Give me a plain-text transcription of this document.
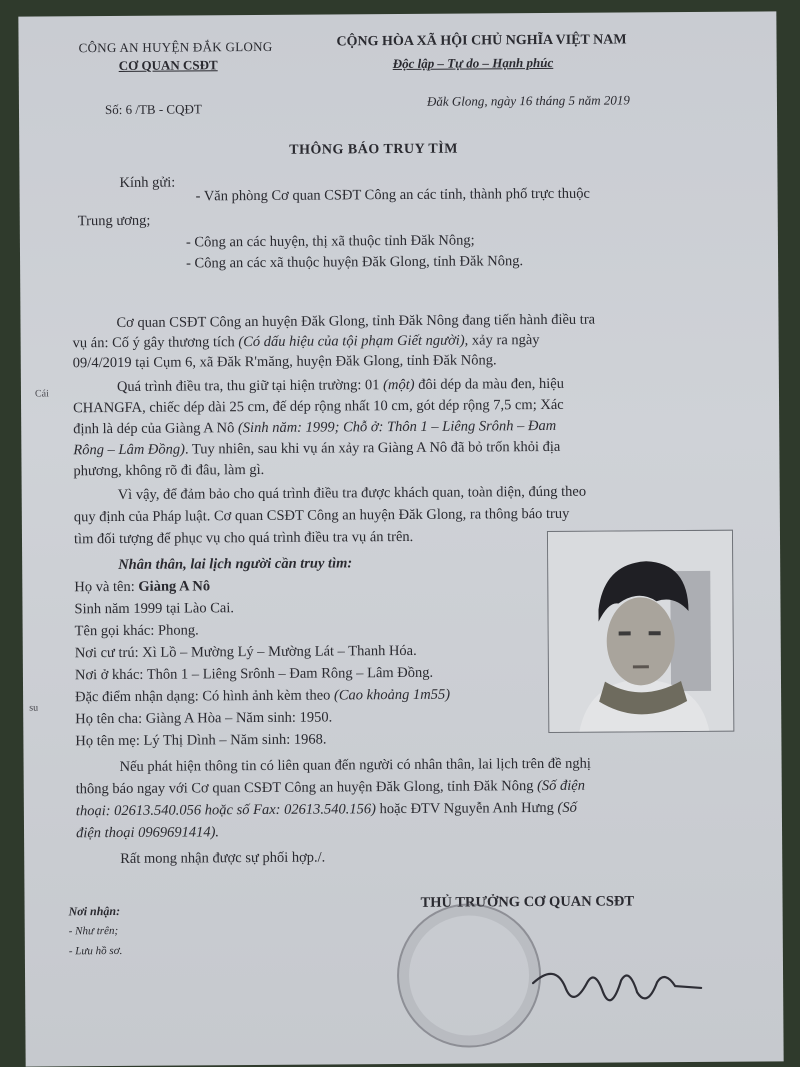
CÔNG AN HUYỆN ĐẮK GLONG
CƠ QUAN CSĐT
CỘNG HÒA XÃ HỘI CHỦ NGHĨA VIỆT NAM
Độc lập – Tự do – Hạnh phúc
Số: 6 /TB - CQĐT
Đăk Glong, ngày 16 tháng 5 năm 2019
THÔNG BÁO TRUY TÌM
Kính gửi:
- Văn phòng Cơ quan CSĐT Công an các tỉnh, thành phố trực thuộc
Trung ương;
- Công an các huyện, thị xã thuộc tỉnh Đăk Nông;
- Công an các xã thuộc huyện Đăk Glong, tỉnh Đăk Nông.
Cơ quan CSĐT Công an huyện Đăk Glong, tỉnh Đăk Nông đang tiến hành điều tra
vụ án: Cố ý gây thương tích (Có dấu hiệu của tội phạm Giết người), xảy ra ngày
09/4/2019 tại Cụm 6, xã Đăk R'măng, huyện Đăk Glong, tỉnh Đăk Nông.
Quá trình điều tra, thu giữ tại hiện trường: 01 (một) đôi dép da màu đen, hiệu
CHANGFA, chiếc dép dài 25 cm, đế dép rộng nhất 10 cm, gót dép rộng 7,5 cm; Xác
định là dép của Giàng A Nô (Sinh năm: 1999; Chỗ ở: Thôn 1 – Liêng Srônh – Đam
Rông – Lâm Đồng). Tuy nhiên, sau khi vụ án xảy ra Giàng A Nô đã bỏ trốn khỏi địa
phương, không rõ đi đâu, làm gì.
Vì vậy, để đảm bảo cho quá trình điều tra được khách quan, toàn diện, đúng theo
quy định của Pháp luật. Cơ quan CSĐT Công an huyện Đăk Glong, ra thông báo truy
tìm đối tượng để phục vụ cho quá trình điều tra vụ án trên.
Nhân thân, lai lịch người cần truy tìm:
Họ và tên: Giàng A Nô
Sinh năm 1999 tại Lào Cai.
Tên gọi khác: Phong.
Nơi cư trú: Xì Lồ – Mường Lý – Mường Lát – Thanh Hóa.
Nơi ở khác: Thôn 1 – Liêng Srônh – Đam Rông – Lâm Đồng.
Đặc điểm nhận dạng: Có hình ảnh kèm theo (Cao khoảng 1m55)
Họ tên cha: Giàng A Hòa – Năm sinh: 1950.
Họ tên mẹ: Lý Thị Dình – Năm sinh: 1968.
Nếu phát hiện thông tin có liên quan đến người có nhân thân, lai lịch trên đề nghị
thông báo ngay với Cơ quan CSĐT Công an huyện Đăk Glong, tỉnh Đăk Nông (Số điện
thoại: 02613.540.056 hoặc số Fax: 02613.540.156) hoặc ĐTV Nguyễn Anh Hưng (Số
điện thoại 0969691414).
Rất mong nhận được sự phối hợp./.
Nơi nhận:
- Như trên;
- Lưu hồ sơ.
THỦ TRƯỞNG CƠ QUAN CSĐT
Cái
su
